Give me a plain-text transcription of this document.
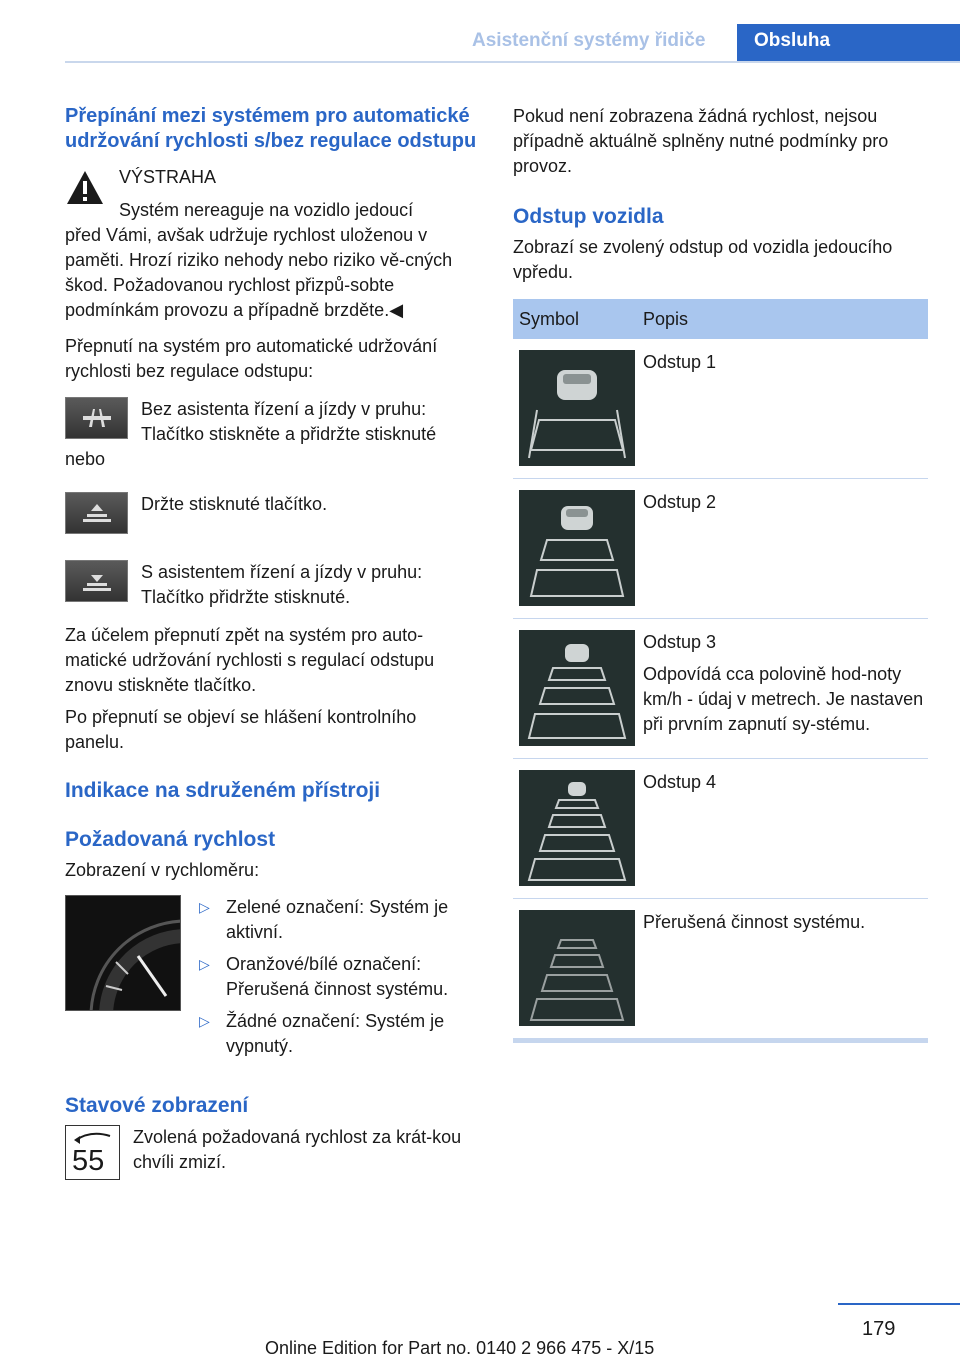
Asistenční systémy řidiče	Obsluha
Přepínání mezi systémem pro automatické udržování rychlosti s/bez regulace odstupu

VÝSTRAHA

Systém nereaguje na vozidlo jedoucí

před Vámi, avšak udržuje rychlost uloženou v paměti. Hrozí riziko nehody nebo riziko vě‐cných škod. Požadovanou rychlost přizpů‐sobte podmínkám provozu a případně brzděte.◀

Přepnutí na systém pro automatické udržování rychlosti bez regulace odstupu:

Bez asistenta řízení a jízdy v pruhu:

Tlačítko stiskněte a přidržte stisknuté

nebo

Držte stisknuté tlačítko.

S asistentem řízení a jízdy v pruhu:

Tlačítko přidržte stisknuté.

Za účelem přepnutí zpět na systém pro auto‐matické udržování rychlosti s regulací odstupu znovu stiskněte tlačítko.

Po přepnutí se objeví se hlášení kontrolního panelu.

Indikace na sdruženém přístroji
Požadovaná rychlost

Zobrazení v rychloměru:

▷ Zelené označení: Systém je aktivní.
▷ Oranžové/bílé označení: Přerušená činnost systému.
▷ Žádné označení: Systém je vypnutý.
Stavové zobrazení
55

Zvolená požadovaná rychlost za krát‐kou chvíli zmizí.

Pokud není zobrazena žádná rychlost, nejsou případně aktuálně splněny nutné podmínky pro provoz.

Odstup vozidla

Zobrazí se zvolený odstup od vozidla jedoucího vpředu.

Symbol	Popis

Odstup 1

Odstup 2

Odstup 3

Odpovídá cca polovině hod‐noty km/h - údaj v metrech. Je nastaven při prvním zapnutí sy‐stému.

Odstup 4

Přerušená činnost systému.

179
Online Edition for Part no. 0140 2 966 475 - X/15
